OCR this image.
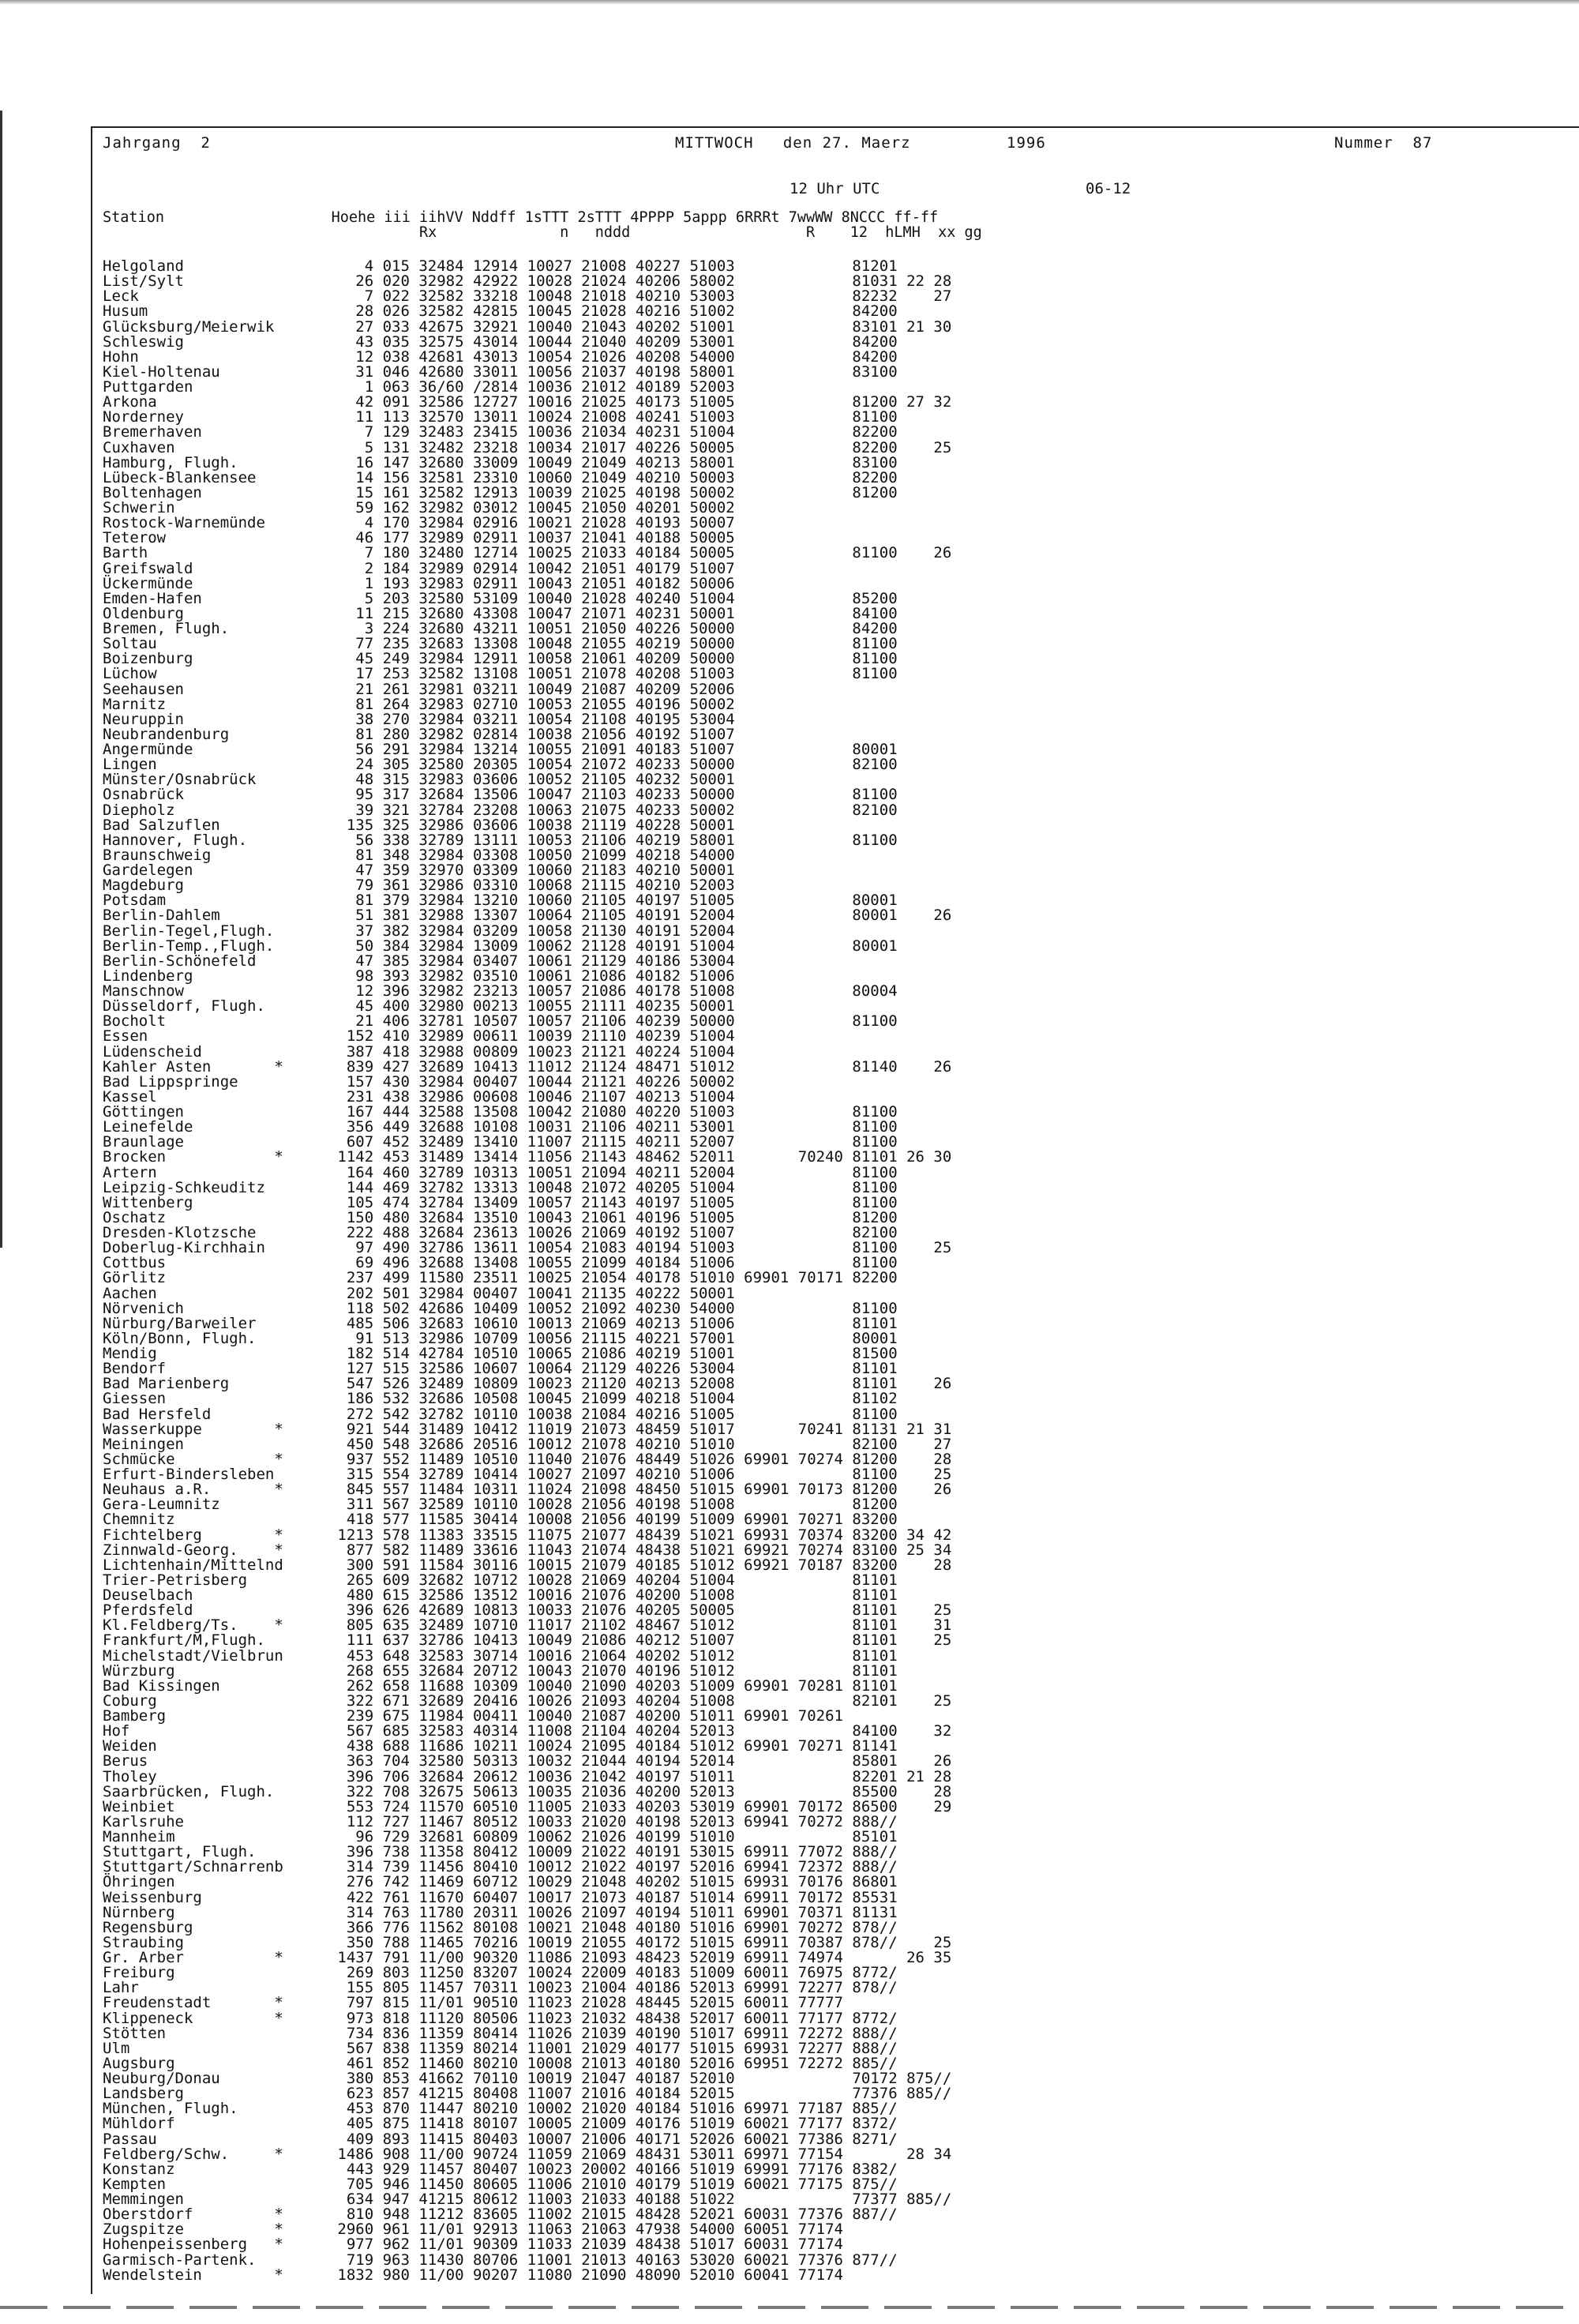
Jahrgang  2	MITTWOCH   den 27. Maerz	1996	Nummer  87
12 Uhr UTC	06-12
Station                   Hoehe iii iihVV Nddff 1sTTT 2sTTT 4PPPP 5appp 6RRRt 7wwWW 8NCCC ff-ff
Rx              n   nddd                    R    12  hLMH  xx gg
Helgoland                    4 015 32484 12914 10027 21008 40227 51003             81201
List/Sylt                   26 020 32982 42922 10028 21024 40206 58002             81031 22 28
Leck                         7 022 32582 33218 10048 21018 40210 53003             82232    27
Husum                       28 026 32582 42815 10045 21028 40216 51002             84200
Glücksburg/Meierwik         27 033 42675 32921 10040 21043 40202 51001             83101 21 30
Schleswig                   43 035 32575 43014 10044 21040 40209 53001             84200
Hohn                        12 038 42681 43013 10054 21026 40208 54000             84200
Kiel-Holtenau               31 046 42680 33011 10056 21037 40198 58001             83100
Puttgarden                   1 063 36/60 /2814 10036 21012 40189 52003
Arkona                      42 091 32586 12727 10016 21025 40173 51005             81200 27 32
Norderney                   11 113 32570 13011 10024 21008 40241 51003             81100
Bremerhaven                  7 129 32483 23415 10036 21034 40231 51004             82200
Cuxhaven                     5 131 32482 23218 10034 21017 40226 50005             82200    25
Hamburg, Flugh.             16 147 32680 33009 10049 21049 40213 58001             83100
Lübeck-Blankensee           14 156 32581 23310 10060 21049 40210 50003             82200
Boltenhagen                 15 161 32582 12913 10039 21025 40198 50002             81200
Schwerin                    59 162 32982 03012 10045 21050 40201 50002
Rostock-Warnemünde           4 170 32984 02916 10021 21028 40193 50007
Teterow                     46 177 32989 02911 10037 21041 40188 50005
Barth                        7 180 32480 12714 10025 21033 40184 50005             81100    26
Greifswald                   2 184 32989 02914 10042 21051 40179 51007
Ückermünde                   1 193 32983 02911 10043 21051 40182 50006
Emden-Hafen                  5 203 32580 53109 10040 21028 40240 51004             85200
Oldenburg                   11 215 32680 43308 10047 21071 40231 50001             84100
Bremen, Flugh.               3 224 32680 43211 10051 21050 40226 50000             84200
Soltau                      77 235 32683 13308 10048 21055 40219 50000             81100
Boizenburg                  45 249 32984 12911 10058 21061 40209 50000             81100
Lüchow                      17 253 32582 13108 10051 21078 40208 51003             81100
Seehausen                   21 261 32981 03211 10049 21087 40209 52006
Marnitz                     81 264 32983 02710 10053 21055 40196 50002
Neuruppin                   38 270 32984 03211 10054 21108 40195 53004
Neubrandenburg              81 280 32982 02814 10038 21056 40192 51007
Angermünde                  56 291 32984 13214 10055 21091 40183 51007             80001
Lingen                      24 305 32580 20305 10054 21072 40233 50000             82100
Münster/Osnabrück           48 315 32983 03606 10052 21105 40232 50001
Osnabrück                   95 317 32684 13506 10047 21103 40233 50000             81100
Diepholz                    39 321 32784 23208 10063 21075 40233 50002             82100
Bad Salzuflen              135 325 32986 03606 10038 21119 40228 50001
Hannover, Flugh.            56 338 32789 13111 10053 21106 40219 58001             81100
Braunschweig                81 348 32984 03308 10050 21099 40218 54000
Gardelegen                  47 359 32970 03309 10060 21183 40210 50001
Magdeburg                   79 361 32986 03310 10068 21115 40210 52003
Potsdam                     81 379 32984 13210 10060 21105 40197 51005             80001
Berlin-Dahlem               51 381 32988 13307 10064 21105 40191 52004             80001    26
Berlin-Tegel,Flugh.         37 382 32984 03209 10058 21130 40191 52004
Berlin-Temp.,Flugh.         50 384 32984 13009 10062 21128 40191 51004             80001
Berlin-Schönefeld           47 385 32984 03407 10061 21129 40186 53004
Lindenberg                  98 393 32982 03510 10061 21086 40182 51006
Manschnow                   12 396 32982 23213 10057 21086 40178 51008             80004
Düsseldorf, Flugh.          45 400 32980 00213 10055 21111 40235 50001
Bocholt                     21 406 32781 10507 10057 21106 40239 50000             81100
Essen                      152 410 32989 00611 10039 21110 40239 51004
Lüdenscheid                387 418 32988 00809 10023 21121 40224 51004
Kahler Asten       *       839 427 32689 10413 11012 21124 48471 51012             81140    26
Bad Lippspringe            157 430 32984 00407 10044 21121 40226 50002
Kassel                     231 438 32986 00608 10046 21107 40213 51004
Göttingen                  167 444 32588 13508 10042 21080 40220 51003             81100
Leinefelde                 356 449 32688 10108 10031 21106 40211 53001             81100
Braunlage                  607 452 32489 13410 11007 21115 40211 52007             81100
Brocken            *      1142 453 31489 13414 11056 21143 48462 52011       70240 81101 26 30
Artern                     164 460 32789 10313 10051 21094 40211 52004             81100
Leipzig-Schkeuditz         144 469 32782 13313 10048 21072 40205 51004             81100
Wittenberg                 105 474 32784 13409 10057 21143 40197 51005             81100
Oschatz                    150 480 32684 13510 10043 21061 40196 51005             81200
Dresden-Klotzsche          222 488 32684 23613 10026 21069 40192 51007             82100
Doberlug-Kirchhain          97 490 32786 13611 10054 21083 40194 51003             81100    25
Cottbus                     69 496 32688 13408 10055 21099 40184 51006             81100
Görlitz                    237 499 11580 23511 10025 21054 40178 51010 69901 70171 82200
Aachen                     202 501 32984 00407 10041 21135 40222 50001
Nörvenich                  118 502 42686 10409 10052 21092 40230 54000             81100
Nürburg/Barweiler          485 506 32683 10610 10013 21069 40213 51006             81101
Köln/Bonn, Flugh.           91 513 32986 10709 10056 21115 40221 57001             80001
Mendig                     182 514 42784 10510 10065 21086 40219 51001             81500
Bendorf                    127 515 32586 10607 10064 21129 40226 53004             81101
Bad Marienberg             547 526 32489 10809 10023 21120 40213 52008             81101    26
Giessen                    186 532 32686 10508 10045 21099 40218 51004             81102
Bad Hersfeld               272 542 32782 10110 10038 21084 40216 51005             81100
Wasserkuppe        *       921 544 31489 10412 11019 21073 48459 51017       70241 81131 21 31
Meiningen                  450 548 32686 20516 10012 21078 40210 51010             82100    27
Schmücke           *       937 552 11489 10510 11040 21076 48449 51026 69901 70274 81200    28
Erfurt-Bindersleben        315 554 32789 10414 10027 21097 40210 51006             81100    25
Neuhaus a.R.       *       845 557 11484 10311 11024 21098 48450 51015 69901 70173 81200    26
Gera-Leumnitz              311 567 32589 10110 10028 21056 40198 51008             81200
Chemnitz                   418 577 11585 30414 10008 21056 40199 51009 69901 70271 83200
Fichtelberg        *      1213 578 11383 33515 11075 21077 48439 51021 69931 70374 83200 34 42
Zinnwald-Georg.    *       877 582 11489 33616 11043 21074 48438 51021 69921 70274 83100 25 34
Lichtenhain/Mittelnd       300 591 11584 30116 10015 21079 40185 51012 69921 70187 83200    28
Trier-Petrisberg           265 609 32682 10712 10028 21069 40204 51004             81101
Deuselbach                 480 615 32586 13512 10016 21076 40200 51008             81101
Pferdsfeld                 396 626 42689 10813 10033 21076 40205 50005             81101    25
Kl.Feldberg/Ts.    *       805 635 32489 10710 11017 21102 48467 51012             81101    31
Frankfurt/M,Flugh.         111 637 32786 10413 10049 21086 40212 51007             81101    25
Michelstadt/Vielbrun       453 648 32583 30714 10016 21064 40202 51012             81101
Würzburg                   268 655 32684 20712 10043 21070 40196 51012             81101
Bad Kissingen              262 658 11688 10309 10040 21090 40203 51009 69901 70281 81101
Coburg                     322 671 32689 20416 10026 21093 40204 51008             82101    25
Bamberg                    239 675 11984 00411 10040 21087 40200 51011 69901 70261
Hof                        567 685 32583 40314 11008 21104 40204 52013             84100    32
Weiden                     438 688 11686 10211 10024 21095 40184 51012 69901 70271 81141
Berus                      363 704 32580 50313 10032 21044 40194 52014             85801    26
Tholey                     396 706 32684 20612 10036 21042 40197 51011             82201 21 28
Saarbrücken, Flugh.        322 708 32675 50613 10035 21036 40200 52013             85500    28
Weinbiet                   553 724 11570 60510 11005 21033 40203 53019 69901 70172 86500    29
Karlsruhe                  112 727 11467 80512 10033 21020 40198 52013 69941 70272 888//
Mannheim                    96 729 32681 60809 10062 21026 40199 51010             85101
Stuttgart, Flugh.          396 738 11358 80412 10009 21022 40191 53015 69911 77072 888//
Stuttgart/Schnarrenb       314 739 11456 80410 10012 21022 40197 52016 69941 72372 888//
Öhringen                   276 742 11469 60712 10029 21048 40202 51015 69931 70176 86801
Weissenburg                422 761 11670 60407 10017 21073 40187 51014 69911 70172 85531
Nürnberg                   314 763 11780 20311 10026 21097 40194 51011 69901 70371 81131
Regensburg                 366 776 11562 80108 10021 21048 40180 51016 69901 70272 878//
Straubing                  350 788 11465 70216 10019 21055 40172 51015 69911 70387 878//    25
Gr. Arber          *      1437 791 11/00 90320 11086 21093 48423 52019 69911 74974       26 35
Freiburg                   269 803 11250 83207 10024 22009 40183 51009 60011 76975 8772/
Lahr                       155 805 11457 70311 10023 21004 40186 52013 69991 72277 878//
Freudenstadt       *       797 815 11/01 90510 11023 21028 48445 52015 60011 77777
Klippeneck         *       973 818 11120 80506 11023 21032 48438 52017 60011 77177 8772/
Stötten                    734 836 11359 80414 11026 21039 40190 51017 69911 72272 888//
Ulm                        567 838 11359 80214 11001 21029 40177 51015 69931 72277 888//
Augsburg                   461 852 11460 80210 10008 21013 40180 52016 69951 72272 885//
Neuburg/Donau              380 853 41662 70110 10019 21047 40187 52010             70172 875//
Landsberg                  623 857 41215 80408 11007 21016 40184 52015             77376 885//
München, Flugh.            453 870 11447 80210 10002 21020 40184 51016 69971 77187 885//
Mühldorf                   405 875 11418 80107 10005 21009 40176 51019 60021 77177 8372/
Passau                     409 893 11415 80403 10007 21006 40171 52026 60021 77386 8271/
Feldberg/Schw.     *      1486 908 11/00 90724 11059 21069 48431 53011 69971 77154       28 34
Konstanz                   443 929 11457 80407 10023 20002 40166 51019 69991 77176 8382/
Kempten                    705 946 11450 80605 11006 21010 40179 51019 60021 77175 875//
Memmingen                  634 947 41215 80612 11003 21033 40188 51022             77377 885//
Oberstdorf         *       810 948 11212 83605 11002 21015 48428 52021 60031 77376 887//
Zugspitze          *      2960 961 11/01 92913 11063 21063 47938 54000 60051 77174
Hohenpeissenberg   *       977 962 11/01 90309 11033 21039 48438 51017 60031 77174
Garmisch-Partenk.          719 963 11430 80706 11001 21013 40163 53020 60021 77376 877//
Wendelstein        *      1832 980 11/00 90207 11080 21090 48090 52010 60041 77174
